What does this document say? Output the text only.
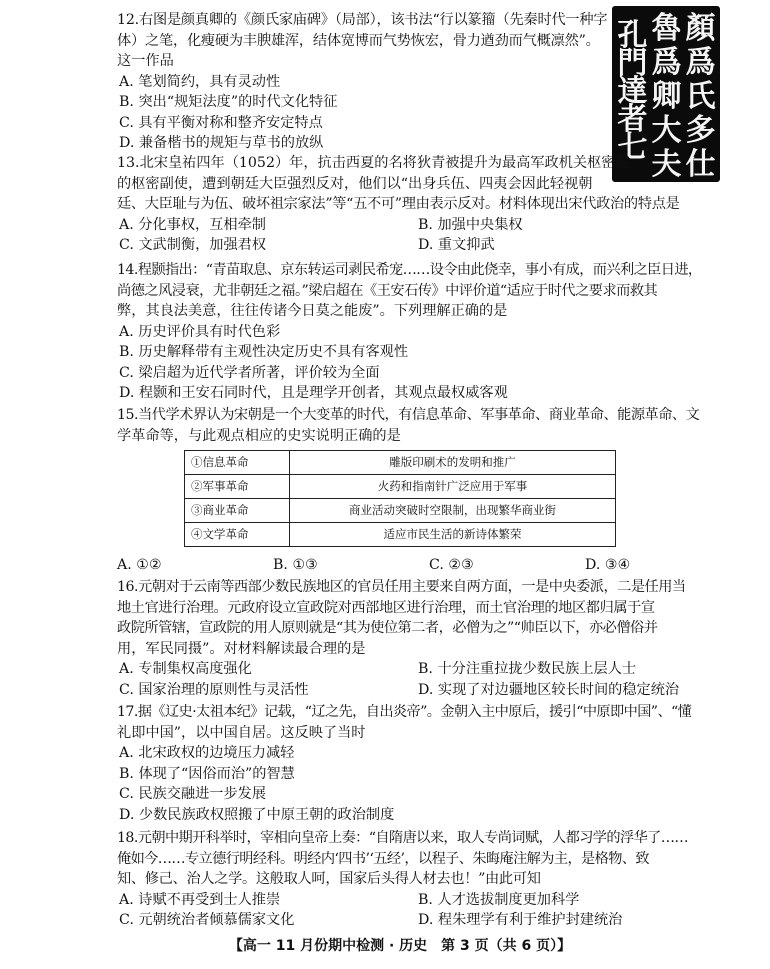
12.右图是颜真卿的《颜氏家庙碑》（局部），该书法“行以篆籀（先秦时代一种字

体）之笔，化瘦硬为丰腴雄浑，结体宽博而气势恢宏，骨力遒劲而气概凛然”。

这一作品

A. 笔划简约，具有灵动性

B. 突出“规矩法度”的时代文化特征

C. 具有平衡对称和整齐安定特点

D. 兼备楷书的规矩与草书的放纵

孔門達者七
魯爲卿大夫
顏爲氏多仕

13.北宋皇祐四年（1052）年，抗击西夏的名将狄青被提升为最高军政机关枢密院

的枢密副使，遭到朝廷大臣强烈反对，他们以“出身兵伍、四夷会因此轻视朝

廷、大臣耻与为伍、破坏祖宗家法”等“五不可”理由表示反对。材料体现出宋代政治的特点是

A. 分化事权，互相牵制	B. 加强中央集权
C. 文武制衡，加强君权	D. 重文抑武

14.程颢指出：“青苗取息、京东转运司剥民希宠……设令由此侥幸，事小有成，而兴利之臣日进，

尚德之风浸衰，尤非朝廷之福。”梁启超在《王安石传》中评价道“适应于时代之要求而救其

弊，其良法美意，往往传诸今日莫之能废”。下列理解正确的是

A. 历史评价具有时代色彩

B. 历史解释带有主观性决定历史不具有客观性

C. 梁启超为近代学者所著，评价较为全面

D. 程颢和王安石同时代，且是理学开创者，其观点最权威客观

15.当代学术界认为宋朝是一个大变革的时代，有信息革命、军事革命、商业革命、能源革命、文

学革命等，与此观点相应的史实说明正确的是

①信息革命	雕版印刷术的发明和推广
②军事革命	火药和指南针广泛应用于军事
③商业革命	商业活动突破时空限制，出现繁华商业街
④文学革命	适应市民生活的新诗体繁荣
A. ①②	B. ①③	C. ②③	D. ③④

16.元朝对于云南等西部少数民族地区的官员任用主要来自两方面，一是中央委派，二是任用当

地土官进行治理。元政府设立宣政院对西部地区进行治理，而土官治理的地区都归属于宣

政院所管辖，宣政院的用人原则就是“其为使位第二者，必僧为之”“帅臣以下，亦必僧俗并

用，军民同摄”。对材料解读最合理的是

A. 专制集权高度强化	B. 十分注重拉拢少数民族上层人士
C. 国家治理的原则性与灵活性	D. 实现了对边疆地区较长时间的稳定统治

17.据《辽史·太祖本纪》记载，“辽之先，自出炎帝”。金朝入主中原后，援引“中原即中国”、“懂

礼即中国”，以中国自居。这反映了当时

A. 北宋政权的边境压力减轻

B. 体现了“因俗而治”的智慧

C. 民族交融进一步发展

D. 少数民族政权照搬了中原王朝的政治制度

18.元朝中期开科举时，宰相向皇帝上奏：“自隋唐以来，取人专尚词赋，人都习学的浮华了……

俺如今……专立德行明经科。明经内‘四书’‘五经’，以程子、朱晦庵注解为主，是格物、致

知、修己、治人之学。这般取人呵，国家后头得人材去也！”由此可知

A. 诗赋不再受到士人推崇	B. 人才选拔制度更加科学
C. 元朝统治者倾慕儒家文化	D. 程朱理学有利于维护封建统治
【高一 11 月份期中检测 · 历史　第 3 页（共 6 页）】
